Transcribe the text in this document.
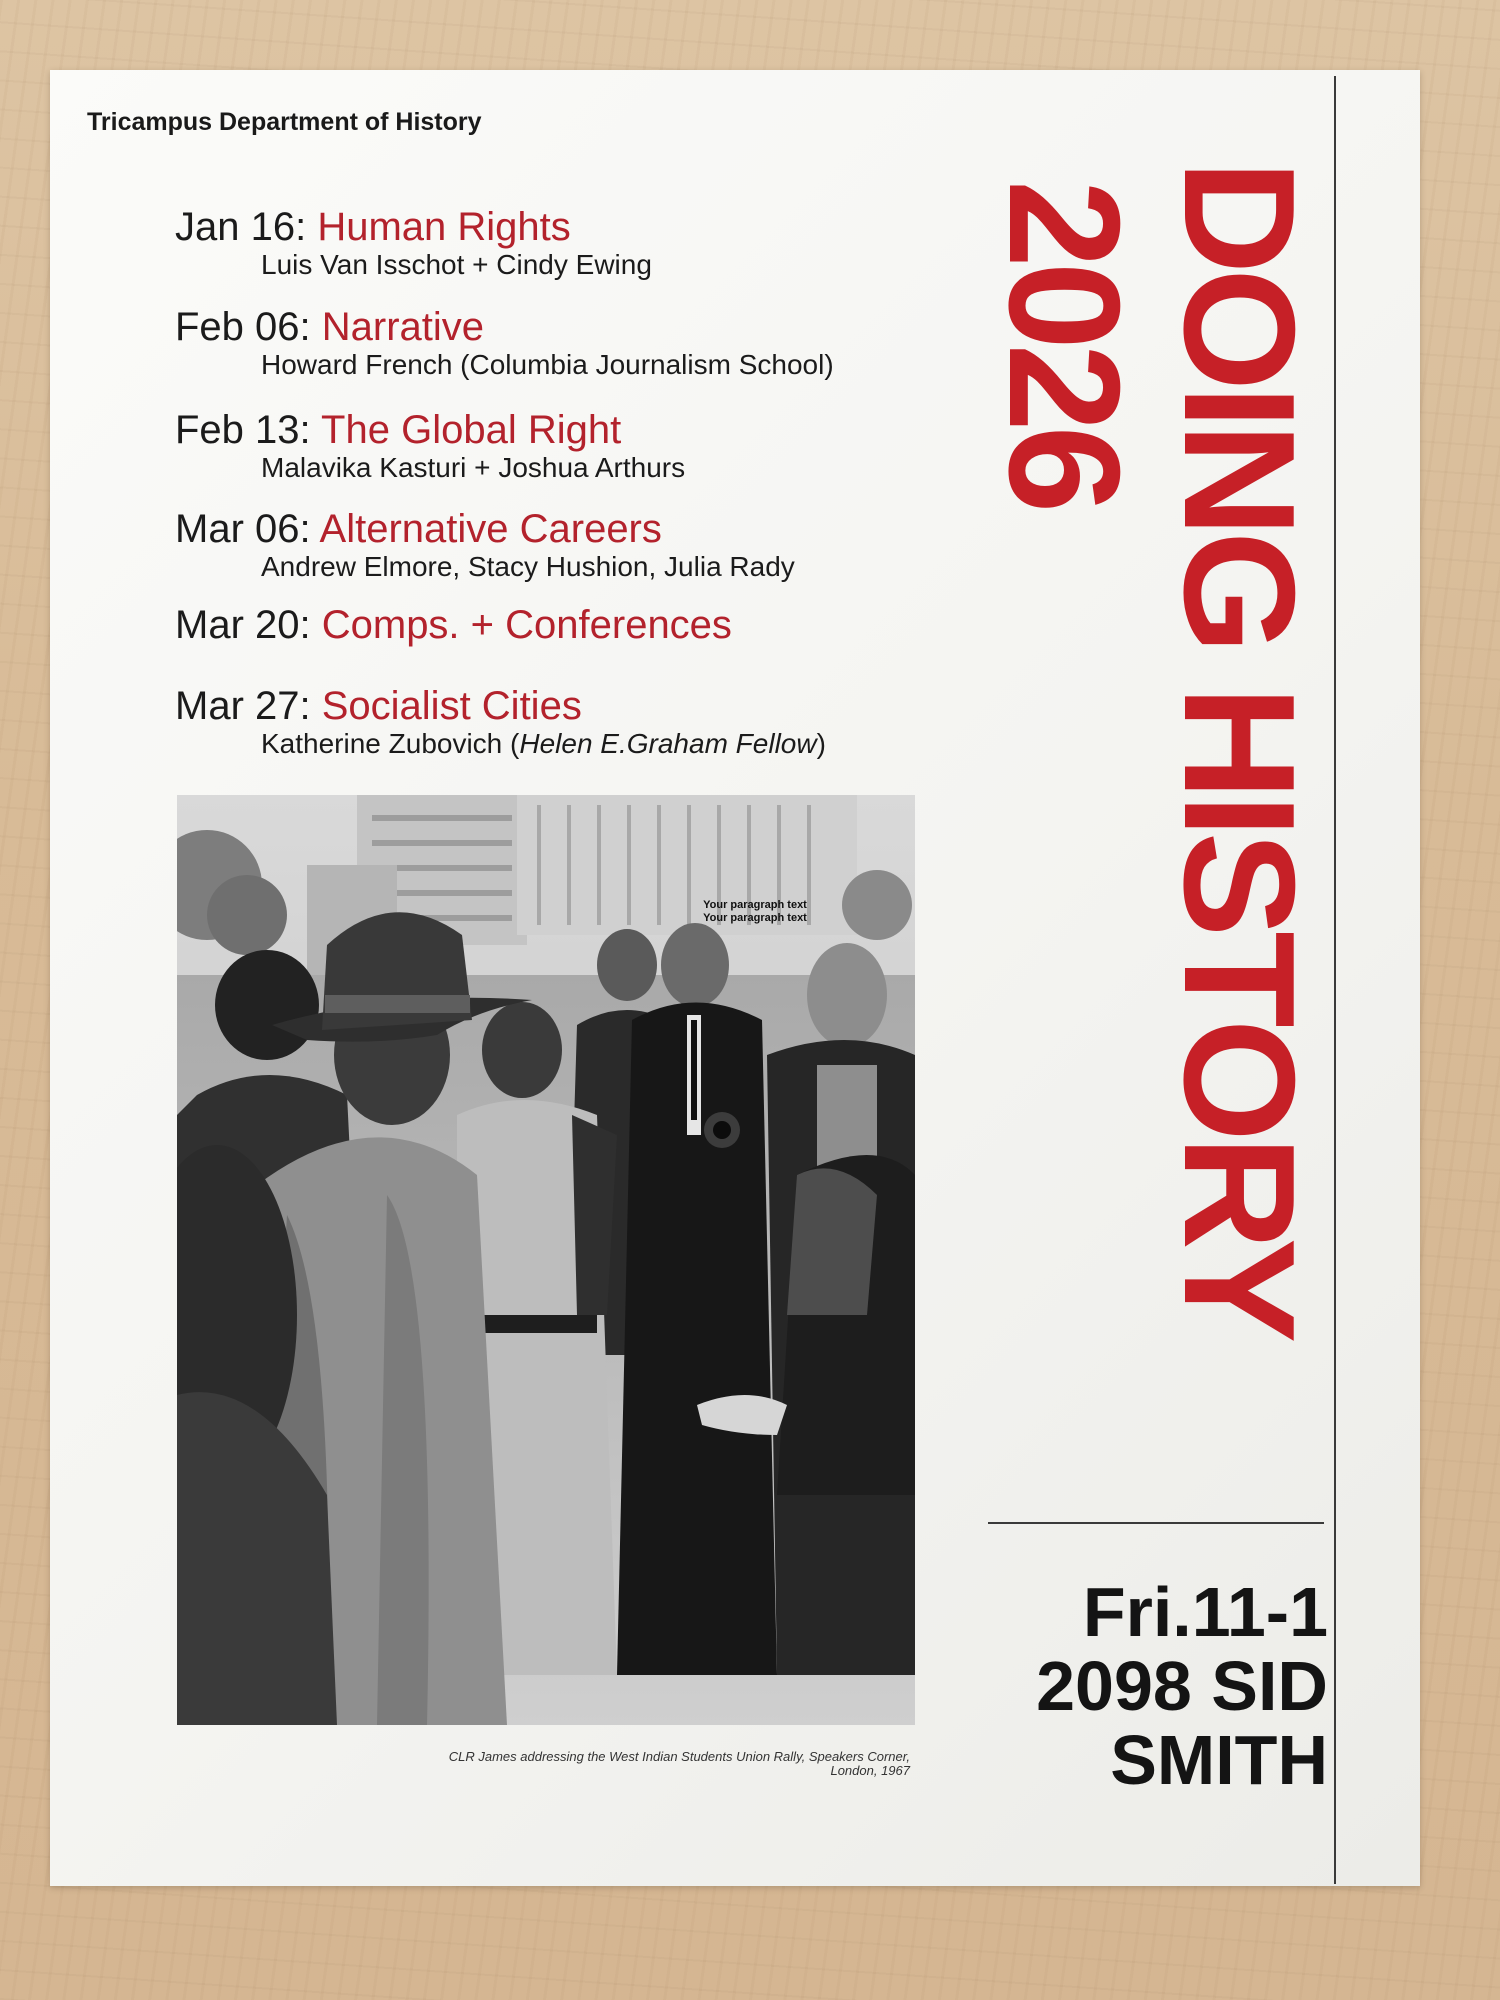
Tricampus Department of History
Jan 16: Human Rights
Luis Van Isschot + Cindy Ewing
Feb 06: Narrative
Howard French (Columbia Journalism School)
Feb 13: The Global Right
Malavika Kasturi + Joshua Arthurs
Mar 06: Alternative Careers
Andrew Elmore, Stacy Hushion, Julia Rady
Mar 20: Comps. + Conferences
Mar 27: Socialist Cities
Katherine Zubovich (Helen E.Graham Fellow)
Your paragraph text
Your paragraph text
CLR James addressing the West Indian Students Union Rally, Speakers Corner,
London, 1967
DOING HISTORY
2026
Fri.11-1
2098 SID
SMITH
